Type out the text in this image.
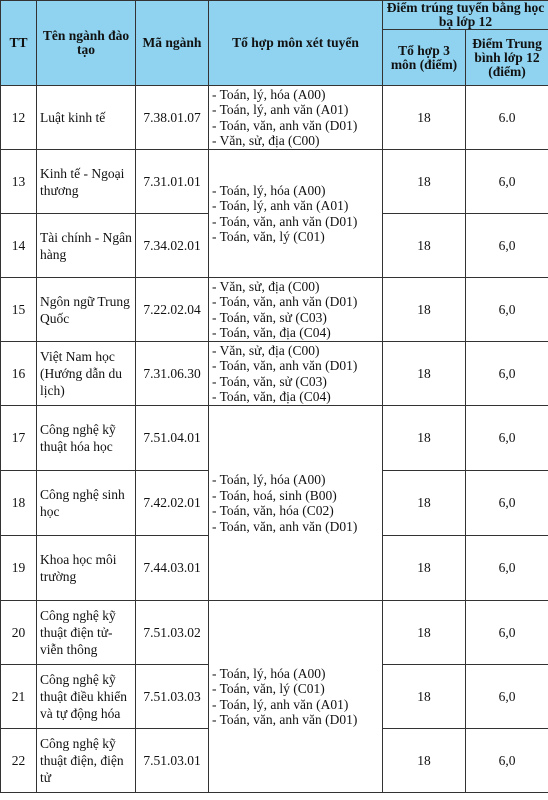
TT	Tên ngành đào tạo	Mã ngành	Tổ hợp môn xét tuyển	Điểm trúng tuyển bằng học bạ lớp 12	
				Tổ hợp 3 môn (điểm)	Điểm Trung bình lớp 12 (điểm)
12	Luật kinh tế	7.38.01.07	- Toán, lý, hóa (A00)
- Toán, lý, anh văn (A01)
- Toán, văn, anh văn (D01)
- Văn, sử, địa (C00)	18	6.0
13	Kinh tế - Ngoại thương	7.31.01.01	- Toán, lý, hóa (A00)
- Toán, lý, anh văn (A01)
- Toán, văn, anh văn (D01)
- Toán, văn, lý (C01)	18	6,0
14	Tài chính - Ngân hàng	7.34.02.01		18	6,0
15	Ngôn ngữ Trung Quốc	7.22.02.04	- Văn, sử, địa (C00)
- Toán, văn, anh văn (D01)
- Toán, văn, sử (C03)
- Toán, văn, địa (C04)	18	6,0
16	Việt Nam học (Hướng dẫn du lịch)	7.31.06.30	- Văn, sử, địa (C00)
- Toán, văn, anh văn (D01)
- Toán, văn, sử (C03)
- Toán, văn, địa (C04)	18	6,0
17	Công nghệ kỹ thuật hóa học	7.51.04.01	- Toán, lý, hóa (A00)
- Toán, hoá, sinh (B00)
- Toán, văn, hóa (C02)
- Toán, văn, anh văn (D01)	18	6,0
18	Công nghệ sinh học	7.42.02.01		18	6,0
19	Khoa học môi trường	7.44.03.01		18	6,0
20	Công nghệ kỹ thuật điện tử-viễn thông	7.51.03.02	- Toán, lý, hóa (A00)
- Toán, văn, lý (C01)
- Toán, lý, anh văn (A01)
- Toán, văn, anh văn (D01)	18	6,0
21	Công nghệ kỹ thuật điều khiển và tự động hóa	7.51.03.03		18	6,0
22	Công nghệ kỹ thuật điện, điện tử	7.51.03.01		18	6,0
